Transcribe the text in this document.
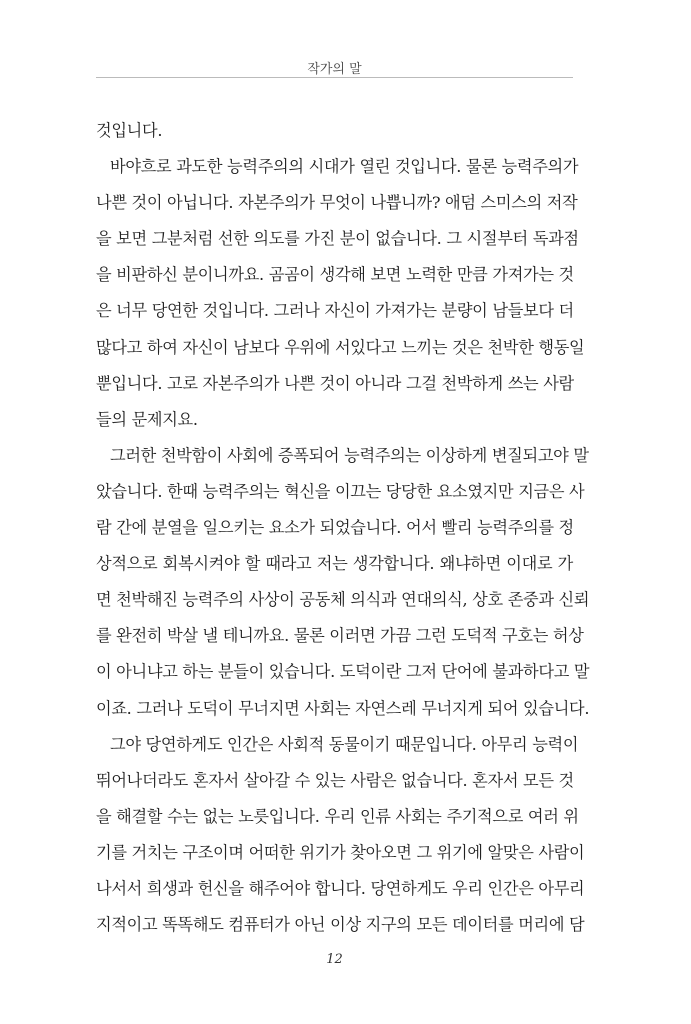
작가의 말
것입니다.
바야흐로 과도한 능력주의의 시대가 열린 것입니다. 물론 능력주의가
나쁜 것이 아닙니다. 자본주의가 무엇이 나쁩니까? 애덤 스미스의 저작
을 보면 그분처럼 선한 의도를 가진 분이 없습니다. 그 시절부터 독과점
을 비판하신 분이니까요. 곰곰이 생각해 보면 노력한 만큼 가져가는 것
은 너무 당연한 것입니다. 그러나 자신이 가져가는 분량이 남들보다 더
많다고 하여 자신이 남보다 우위에 서있다고 느끼는 것은 천박한 행동일
뿐입니다. 고로 자본주의가 나쁜 것이 아니라 그걸 천박하게 쓰는 사람
들의 문제지요.
그러한 천박함이 사회에 증폭되어 능력주의는 이상하게 변질되고야 말
았습니다. 한때 능력주의는 혁신을 이끄는 당당한 요소였지만 지금은 사
람 간에 분열을 일으키는 요소가 되었습니다. 어서 빨리 능력주의를 정
상적으로 회복시켜야 할 때라고 저는 생각합니다. 왜냐하면 이대로 가
면 천박해진 능력주의 사상이 공동체 의식과 연대의식, 상호 존중과 신뢰
를 완전히 박살 낼 테니까요. 물론 이러면 가끔 그런 도덕적 구호는 허상
이 아니냐고 하는 분들이 있습니다. 도덕이란 그저 단어에 불과하다고 말
이죠. 그러나 도덕이 무너지면 사회는 자연스레 무너지게 되어 있습니다.
그야 당연하게도 인간은 사회적 동물이기 때문입니다. 아무리 능력이
뛰어나더라도 혼자서 살아갈 수 있는 사람은 없습니다. 혼자서 모든 것
을 해결할 수는 없는 노릇입니다. 우리 인류 사회는 주기적으로 여러 위
기를 거치는 구조이며 어떠한 위기가 찾아오면 그 위기에 알맞은 사람이
나서서 희생과 헌신을 해주어야 합니다. 당연하게도 우리 인간은 아무리
지적이고 똑똑해도 컴퓨터가 아닌 이상 지구의 모든 데이터를 머리에 담
12
